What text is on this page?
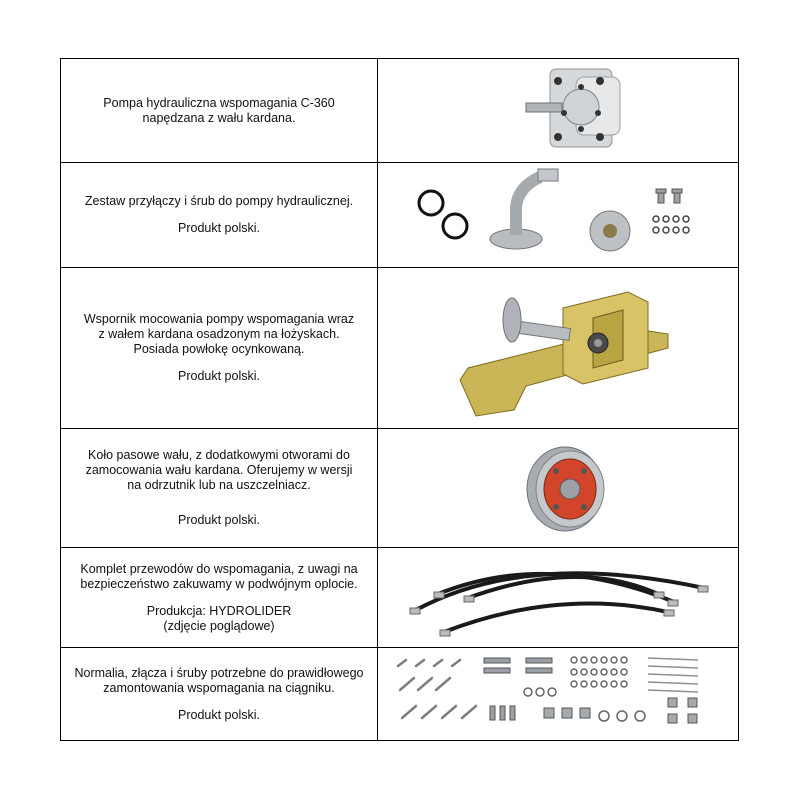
Pompa hydrauliczna wspomagania C-360
napędzana z wału kardana.

Zestaw przyłączy i śrub do pompy hydraulicznej.

Produkt polski.

Wspornik mocowania pompy wspomagania wraz
z wałem kardana osadzonym na łożyskach.
Posiada powłokę ocynkowaną.

Produkt polski.

Koło pasowe wału, z dodatkowymi otworami do
zamocowania wału kardana. Oferujemy w wersji
na odrzutnik lub na uszczelniacz.

Produkt polski.

Komplet przewodów do wspomagania, z uwagi na
bezpieczeństwo zakuwamy w podwójnym oplocie.

Produkcja: HYDROLIDER
(zdjęcie poglądowe)

Normalia, złącza i śruby potrzebne do prawidłowego
zamontowania wspomagania na ciągniku.

Produkt polski.
